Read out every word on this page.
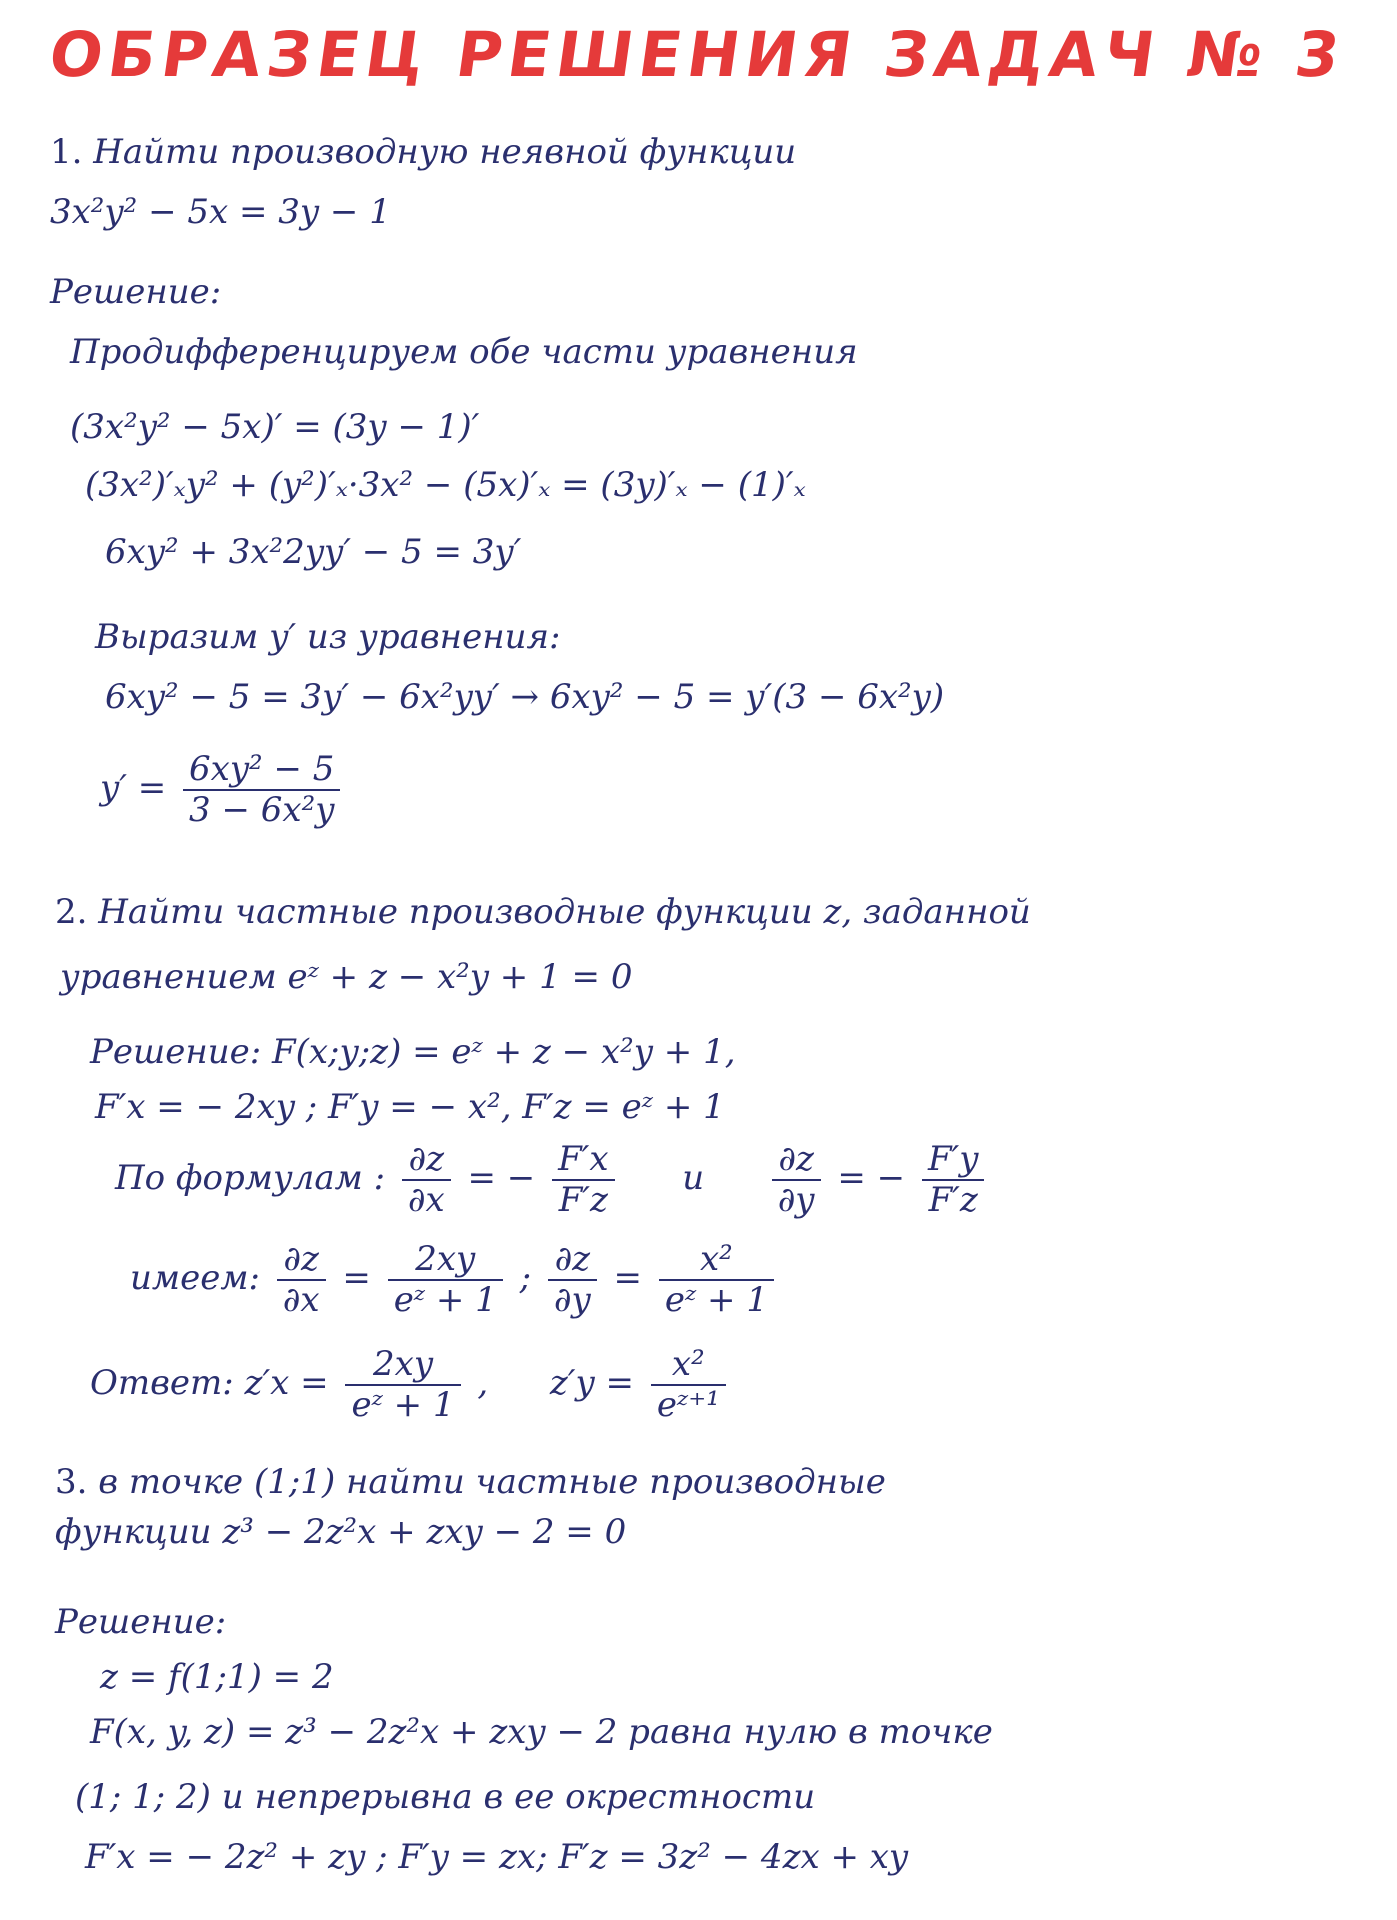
ОБРАЗЕЦ РЕШЕНИЯ ЗАДАЧ № 3
1. Найти производную неявной функции
3x²y² − 5x = 3y − 1
Решение:
Продифференцируем обе части уравнения
(3x²y² − 5x)′ = (3y − 1)′
(3x²)′ₓy² + (y²)′ₓ·3x² − (5x)′ₓ = (3y)′ₓ − (1)′ₓ
6xy² + 3x²2yy′ − 5 = 3y′
Выразим y′ из уравнения:
6xy² − 5 = 3y′ − 6x²yy′ → 6xy² − 5 = y′(3 − 6x²y)
$y' = \frac{\text{6xy² − 5}}{\text{3 − 6x²y}}$
2. Найти частные производные функции z, заданной
уравнением eᶻ + z − x²y + 1 = 0
Решение: F(x;y;z) = eᶻ + z − x²y + 1,
F′x = − 2xy ; F′y = − x², F′z = eᶻ + 1
По формулам : $\frac{\partial z}{\partial x}$ = − $\frac{F'x}{F'z}$ и $\frac{\partial z}{\partial y}$ = − $\frac{F'y}{F'z}$
имеем: $\frac{\partial z}{\partial x} = \frac{2xy}{\text{eᶻ + 1}}$ ; $\frac{\partial z}{\partial y} = \frac{\text{x²}}{\text{eᶻ + 1}}$
Ответ: $z'x = \frac{2xy}{\text{eᶻ + 1}}$ , $z'y = \frac{\text{x²}}{\text{eᶻ⁺¹}}$
3. в точке (1;1) найти частные производные
функции z³ − 2z²x + zxy − 2 = 0
Решение:
z = f(1;1) = 2
F(x, y, z) = z³ − 2z²x + zxy − 2 равна нулю в точке
(1; 1; 2) и непрерывна в ее окрестности
F′x = − 2z² + zy ; F′y = zx; F′z = 3z² − 4zx + xy
